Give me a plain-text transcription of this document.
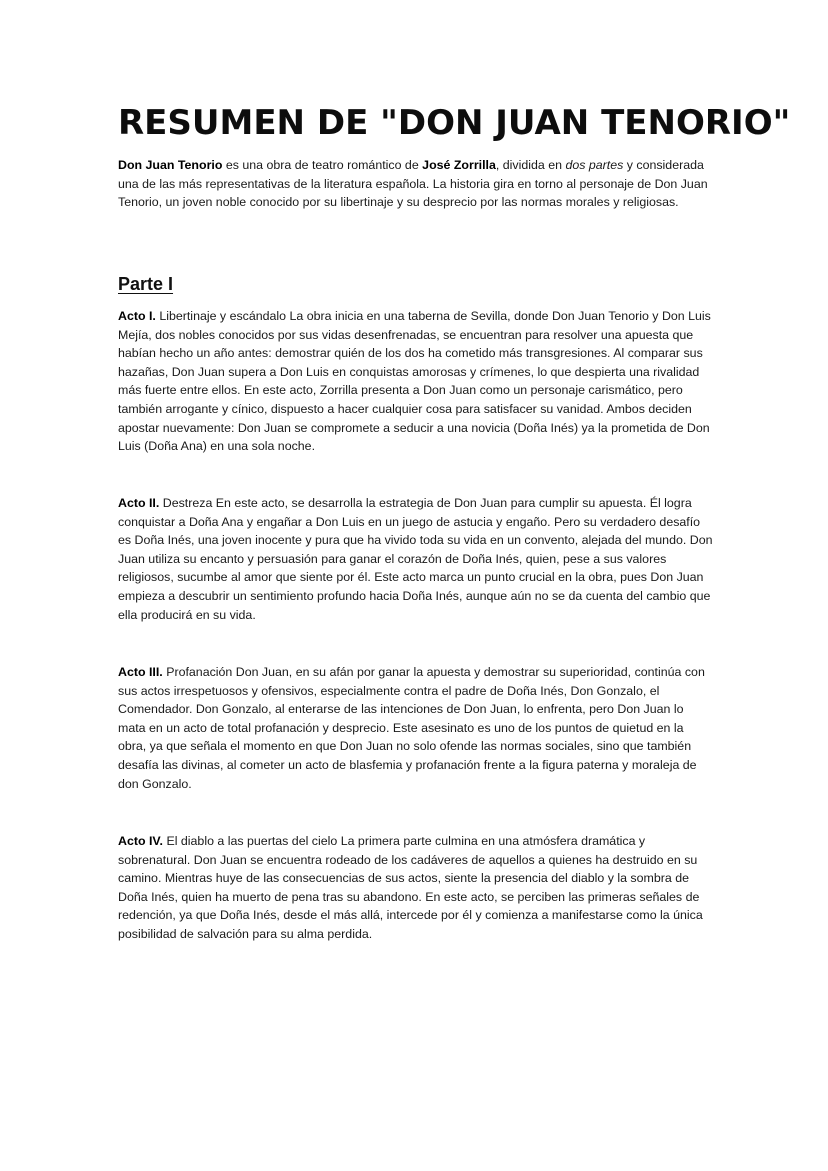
RESUMEN DE "DON JUAN TENORIO"

Don Juan Tenorio es una obra de teatro romántico de José Zorrilla, dividida en dos partes y considerada una de las más representativas de la literatura española. La historia gira en torno al personaje de Don Juan Tenorio, un joven noble conocido por su libertinaje y su desprecio por las normas morales y religiosas.

Parte I

Acto I. Libertinaje y escándalo La obra inicia en una taberna de Sevilla, donde Don Juan Tenorio y Don Luis Mejía, dos nobles conocidos por sus vidas desenfrenadas, se encuentran para resolver una apuesta que habían hecho un año antes: demostrar quién de los dos ha cometido más transgresiones. Al comparar sus hazañas, Don Juan supera a Don Luis en conquistas amorosas y crímenes, lo que despierta una rivalidad más fuerte entre ellos. En este acto, Zorrilla presenta a Don Juan como un personaje carismático, pero también arrogante y cínico, dispuesto a hacer cualquier cosa para satisfacer su vanidad. Ambos deciden apostar nuevamente: Don Juan se compromete a seducir a una novicia (Doña Inés) ya la prometida de Don Luis (Doña Ana) en una sola noche.

Acto II. Destreza En este acto, se desarrolla la estrategia de Don Juan para cumplir su apuesta. Él logra conquistar a Doña Ana y engañar a Don Luis en un juego de astucia y engaño. Pero su verdadero desafío es Doña Inés, una joven inocente y pura que ha vivido toda su vida en un convento, alejada del mundo. Don Juan utiliza su encanto y persuasión para ganar el corazón de Doña Inés, quien, pese a sus valores religiosos, sucumbe al amor que siente por él. Este acto marca un punto crucial en la obra, pues Don Juan empieza a descubrir un sentimiento profundo hacia Doña Inés, aunque aún no se da cuenta del cambio que ella producirá en su vida.

Acto III. Profanación Don Juan, en su afán por ganar la apuesta y demostrar su superioridad, continúa con sus actos irrespetuosos y ofensivos, especialmente contra el padre de Doña Inés, Don Gonzalo, el Comendador. Don Gonzalo, al enterarse de las intenciones de Don Juan, lo enfrenta, pero Don Juan lo mata en un acto de total profanación y desprecio. Este asesinato es uno de los puntos de quietud en la obra, ya que señala el momento en que Don Juan no solo ofende las normas sociales, sino que también desafía las divinas, al cometer un acto de blasfemia y profanación frente a la figura paterna y moraleja de don Gonzalo.

Acto IV. El diablo a las puertas del cielo La primera parte culmina en una atmósfera dramática y sobrenatural. Don Juan se encuentra rodeado de los cadáveres de aquellos a quienes ha destruido en su camino. Mientras huye de las consecuencias de sus actos, siente la presencia del diablo y la sombra de Doña Inés, quien ha muerto de pena tras su abandono. En este acto, se perciben las primeras señales de redención, ya que Doña Inés, desde el más allá, intercede por él y comienza a manifestarse como la única posibilidad de salvación para su alma perdida.
